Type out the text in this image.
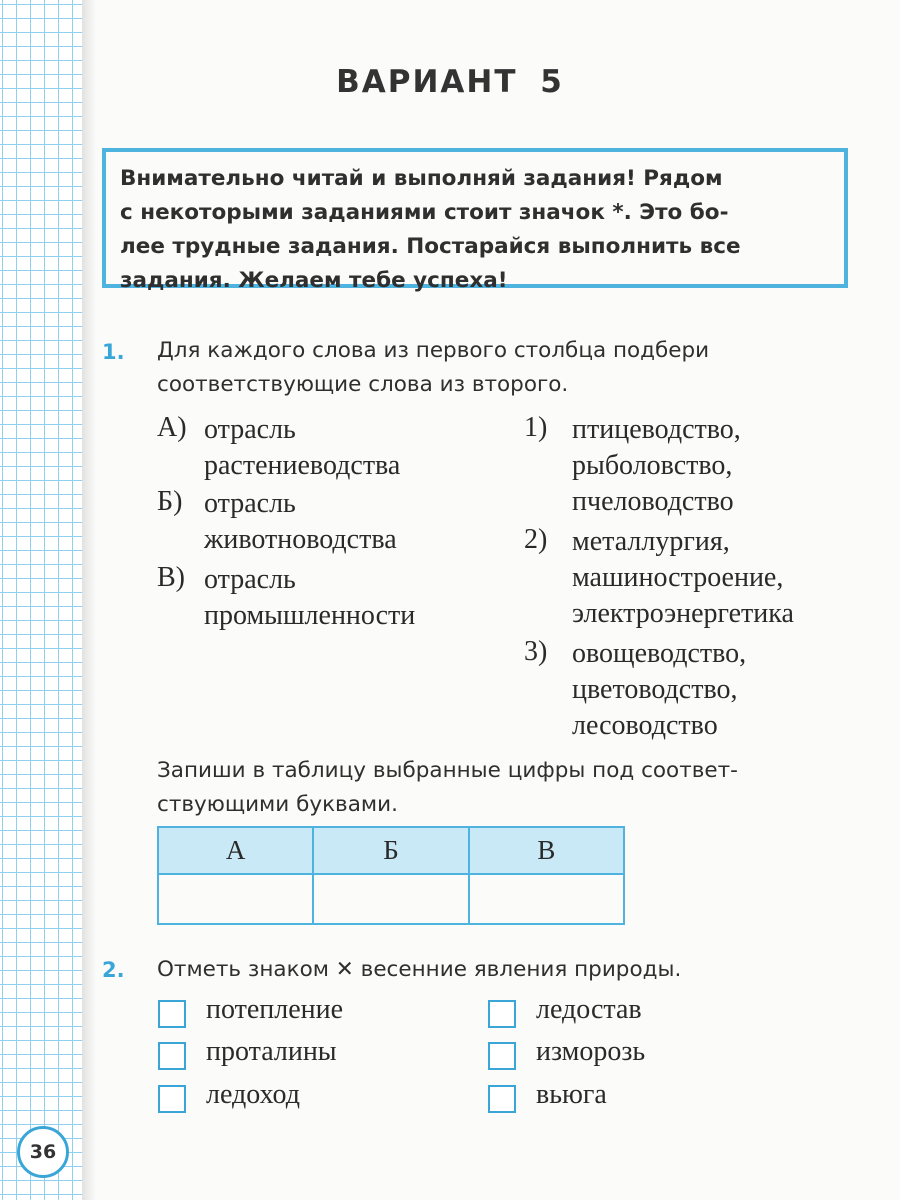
ВАРИАНТ 5
Внимательно читай и выполняй задания! Рядом
с некоторыми заданиями стоит значок *. Это бо-
лее трудные задания. Постарайся выполнить все
задания. Желаем тебе успеха!
1. Для каждого слова из первого столбца подбери
соответствующие слова из второго.
А) отрасль
растениеводства
Б) отрасль
животноводства
В) отрасль
промышленности
1) птицеводство,
рыболовство,
пчеловодство
2) металлургия,
машиностроение,
электроэнергетика
3) овощеводство,
цветоводство,
лесоводство
Запиши в таблицу выбранные цифры под соответ-
ствующими буквами.
А	Б	В

2. Отметь знаком ✕ весенние явления природы.
потепление
проталины
ледоход
ледостав
изморозь
вьюга
36
